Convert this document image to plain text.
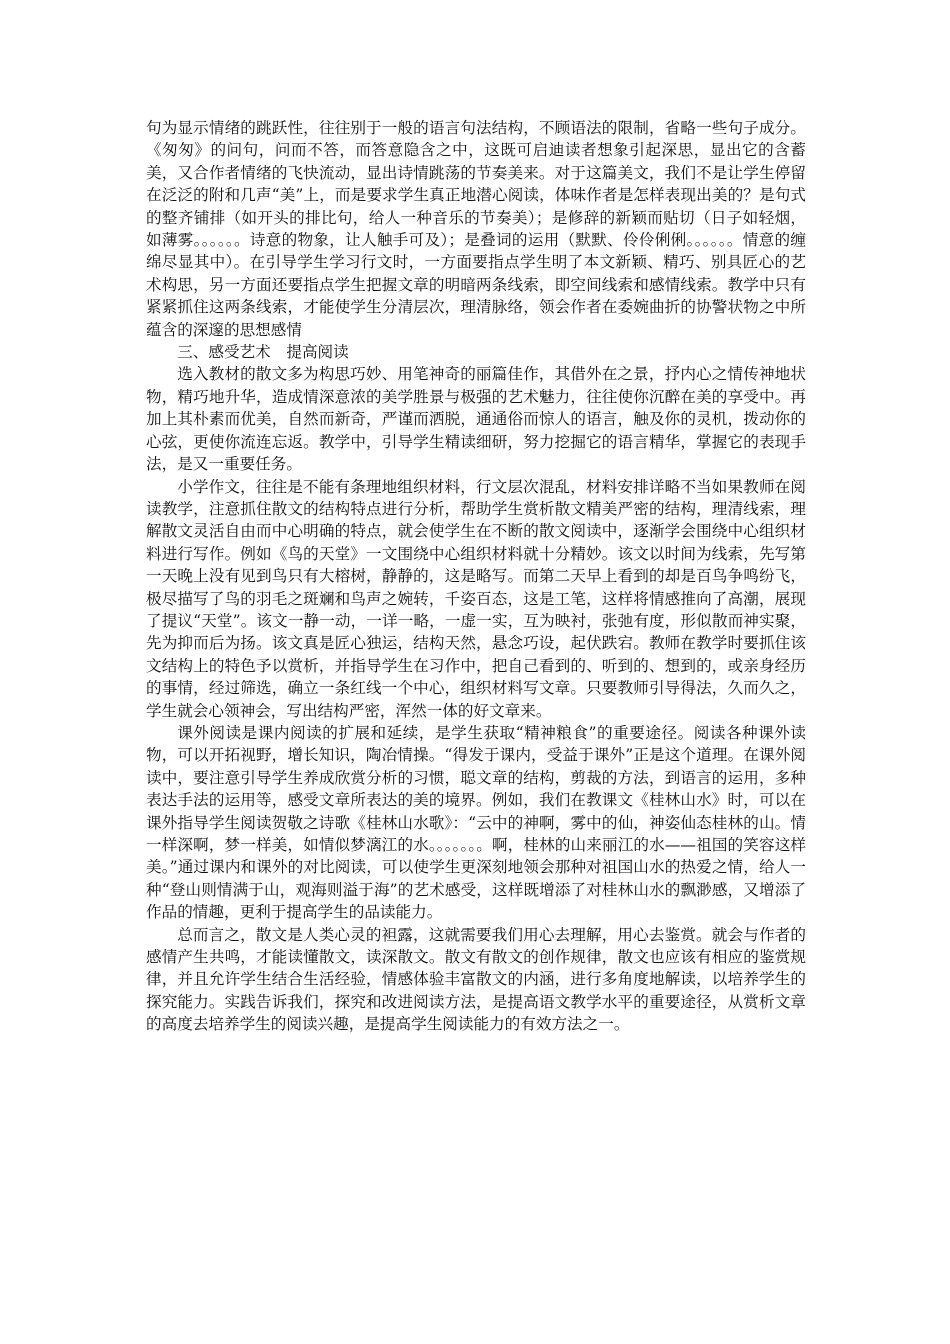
句为显示情绪的跳跃性，往往别于一般的语言句法结构，不顾语法的限制，省略一些句子成分。《匆匆》的问句，问而不答，而答意隐含之中，这既可启迪读者想象引起深思，显出它的含蓄美，又合作者情绪的飞快流动，显出诗情跳荡的节奏美来。对于这篇美文，我们不是让学生停留在泛泛的附和几声“美”上，而是要求学生真正地潜心阅读，体味作者是怎样表现出美的？是句式的整齐铺排（如开头的排比句，给人一种音乐的节奏美）；是修辞的新颖而贴切（日子如轻烟，如薄雾。。。。。。诗意的物象，让人触手可及）；是叠词的运用（默默、伶伶俐俐。。。。。。情意的缠绵尽显其中）。在引导学生学习行文时，一方面要指点学生明了本文新颖、精巧、别具匠心的艺术构思，另一方面还要指点学生把握文章的明暗两条线索，即空间线索和感情线索。教学中只有紧紧抓住这两条线索，才能使学生分清层次，理清脉络，领会作者在委婉曲折的协警状物之中所蕴含的深邃的思想感情

三、感受艺术　提高阅读

选入教材的散文多为构思巧妙、用笔神奇的丽篇佳作，其借外在之景，抒内心之情传神地状物，精巧地升华，造成情深意浓的美学胜景与极强的艺术魅力，往往使你沉醉在美的享受中。再加上其朴素而优美，自然而新奇，严谨而洒脱，通通俗而惊人的语言，触及你的灵机，拨动你的心弦，更使你流连忘返。教学中，引导学生精读细研，努力挖掘它的语言精华，掌握它的表现手法，是又一重要任务。

小学作文，往往是不能有条理地组织材料，行文层次混乱，材料安排详略不当如果教师在阅读教学，注意抓住散文的结构特点进行分析，帮助学生赏析散文精美严密的结构，理清线索，理解散文灵活自由而中心明确的特点，就会使学生在不断的散文阅读中，逐渐学会围绕中心组织材料进行写作。例如《鸟的天堂》一文围绕中心组织材料就十分精妙。该文以时间为线索，先写第一天晚上没有见到鸟只有大榕树，静静的，这是略写。而第二天早上看到的却是百鸟争鸣纷飞，极尽描写了鸟的羽毛之斑斓和鸟声之婉转，千姿百态，这是工笔，这样将情感推向了高潮，展现了提议“天堂”。该文一静一动，一详一略，一虚一实，互为映衬，张弛有度，形似散而神实聚，先为抑而后为扬。该文真是匠心独运，结构天然，悬念巧设，起伏跌宕。教师在教学时要抓住该文结构上的特色予以赏析，并指导学生在习作中，把自己看到的、听到的、想到的，或亲身经历的事情，经过筛选，确立一条红线一个中心，组织材料写文章。只要教师引导得法，久而久之，学生就会心领神会，写出结构严密，浑然一体的好文章来。

课外阅读是课内阅读的扩展和延续，是学生获取“精神粮食”的重要途径。阅读各种课外读物，可以开拓视野，增长知识，陶冶情操。“得发于课内，受益于课外”正是这个道理。在课外阅读中，要注意引导学生养成欣赏分析的习惯，聪文章的结构，剪裁的方法，到语言的运用，多种表达手法的运用等，感受文章所表达的美的境界。例如，我们在教课文《桂林山水》时，可以在课外指导学生阅读贺敬之诗歌《桂林山水歌》：“云中的神啊，雾中的仙，神姿仙态桂林的山。情一样深啊，梦一样美，如情似梦漓江的水。。。。。。。啊，桂林的山来丽江的水——祖国的笑容这样美。”通过课内和课外的对比阅读，可以使学生更深刻地领会那种对祖国山水的热爱之情，给人一种“登山则情满于山，观海则溢于海”的艺术感受，这样既增添了对桂林山水的飘渺感，又增添了作品的情趣，更利于提高学生的品读能力。

总而言之，散文是人类心灵的袒露，这就需要我们用心去理解，用心去鉴赏。就会与作者的感情产生共鸣，才能读懂散文，读深散文。散文有散文的创作规律，散文也应该有相应的鉴赏规律，并且允许学生结合生活经验，情感体验丰富散文的内涵，进行多角度地解读，以培养学生的探究能力。实践告诉我们，探究和改进阅读方法，是提高语文教学水平的重要途径，从赏析文章的高度去培养学生的阅读兴趣，是提高学生阅读能力的有效方法之一。
